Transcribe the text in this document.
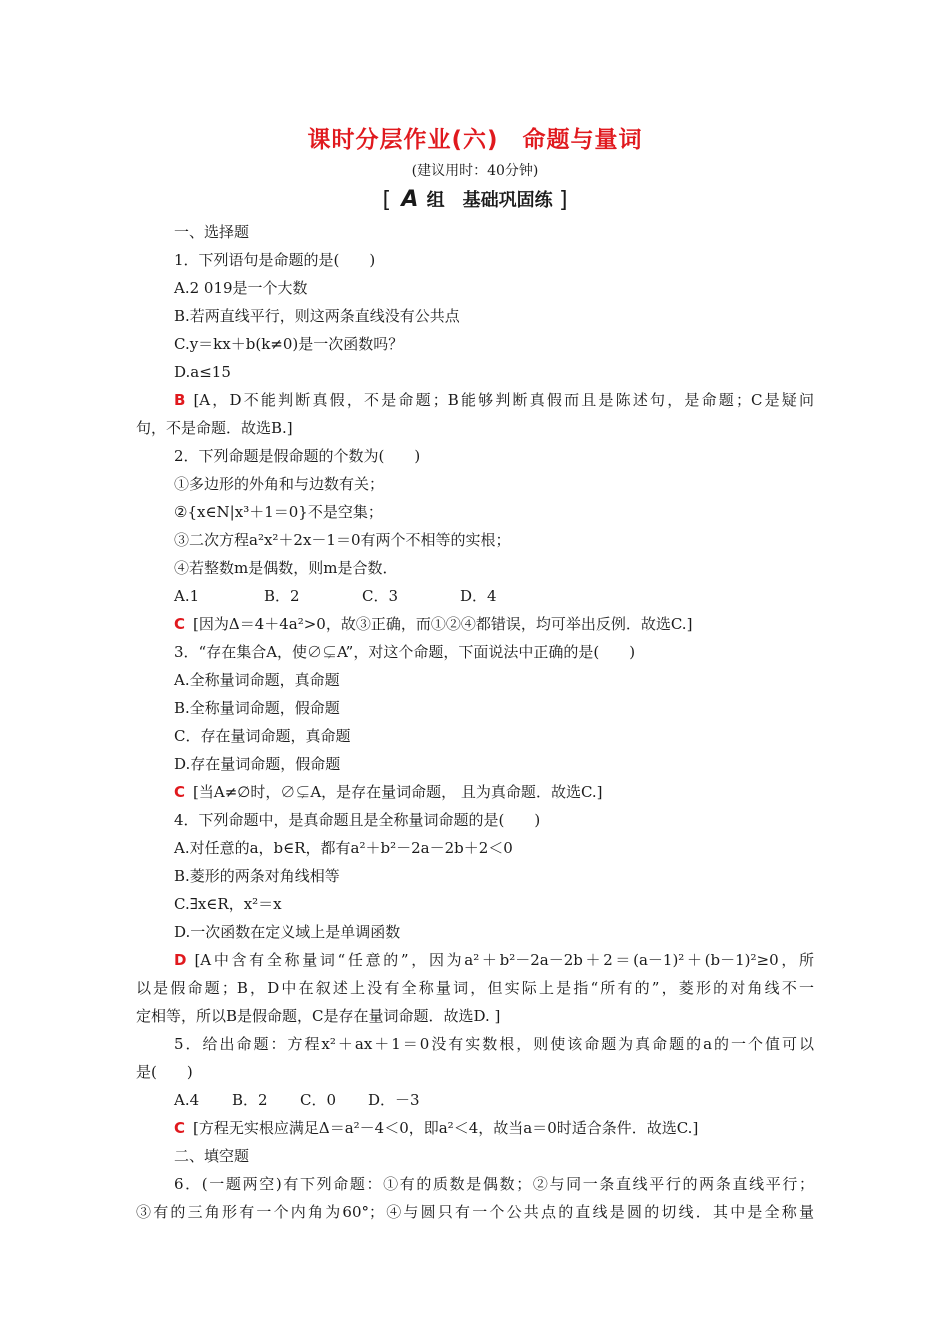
课时分层作业(六)　命题与量词
(建议用时：40分钟)
[ A 组　基础巩固练 ]
一、选择题
1．下列语句是命题的是(　　)
A.2 019是一个大数
B.若两直线平行，则这两条直线没有公共点
C.y＝kx＋b(k≠0)是一次函数吗？
D.a≤15
B [A，D不能判断真假，不是命题；B能够判断真假而且是陈述句，是命题；C是疑问
句，不是命题．故选B.]
2．下列命题是假命题的个数为(　　)
①多边形的外角和与边数有关；
②{x∈N|x³＋1＝0}不是空集；
③二次方程a²x²＋2x－1＝0有两个不相等的实根；
④若整数m是偶数，则m是合数．
A.1	B．2	C．3	D．4
C [因为Δ＝4＋4a²>0，故③正确，而①②④都错误，均可举出反例．故选C.]
3．“存在集合A，使∅⊊A”，对这个命题，下面说法中正确的是(　　)
A.全称量词命题，真命题
B.全称量词命题，假命题
C．存在量词命题，真命题
D.存在量词命题，假命题
C [当A≠∅时，∅⊊A，是存在量词命题， 且为真命题．故选C.]
4．下列命题中，是真命题且是全称量词命题的是(　　)
A.对任意的a，b∈R，都有a²＋b²－2a－2b＋2＜0
B.菱形的两条对角线相等
C.∃x∈R，x²＝x
D.一次函数在定义域上是单调函数
D [A中含有全称量词“任意的”，因为a²＋b²－2a－2b＋2＝(a－1)²＋(b－1)²≥0，所
以是假命题；B，D中在叙述上没有全称量词，但实际上是指“所有的”，菱形的对角线不一
定相等，所以B是假命题，C是存在量词命题．故选D. ]
5．给出命题：方程x²＋ax＋1＝0没有实数根，则使该命题为真命题的a的一个值可以
是(　　)
A.4 B．2 C．0 D．－3
C [方程无实根应满足Δ＝a²－4＜0，即a²＜4，故当a＝0时适合条件．故选C.]
二、填空题
6．(一题两空)有下列命题：①有的质数是偶数；②与同一条直线平行的两条直线平行；
③有的三角形有一个内角为60°；④与圆只有一个公共点的直线是圆的切线．其中是全称量
